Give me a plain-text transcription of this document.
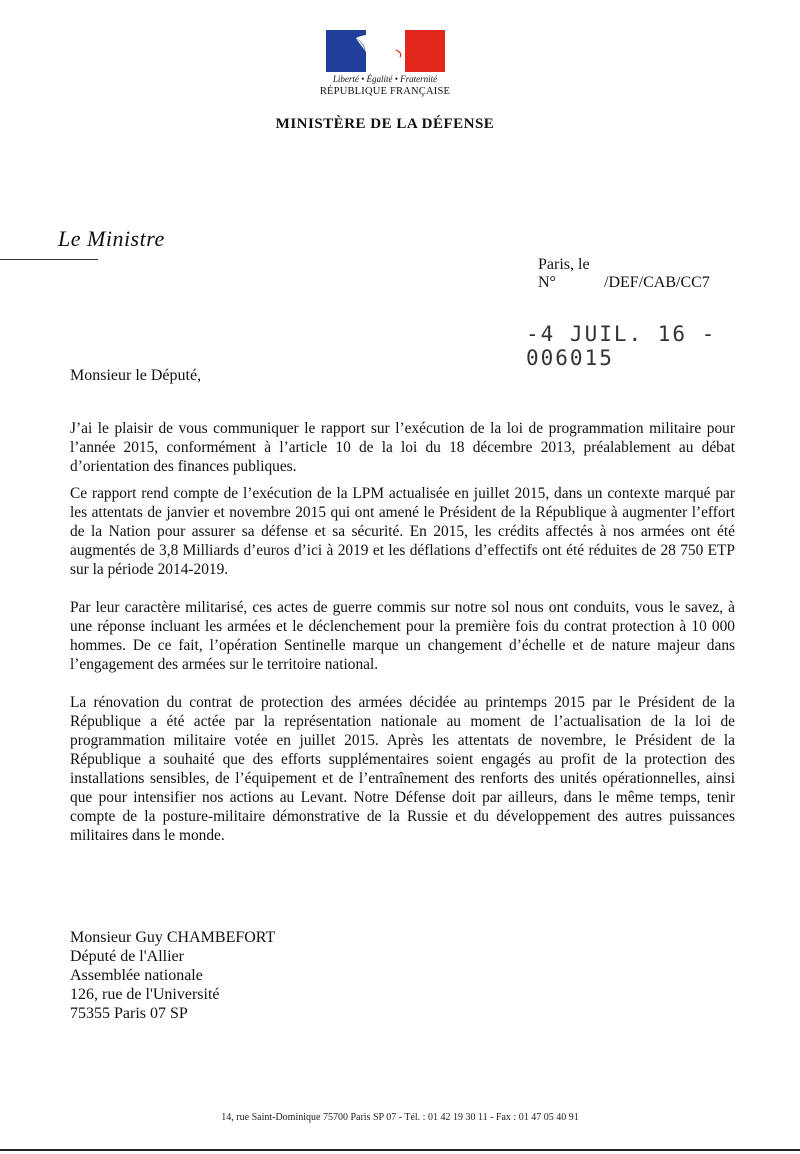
Liberté • Égalité • Fraternité
RÉPUBLIQUE FRANÇAISE
MINISTÈRE DE LA DÉFENSE
Le Ministre
Paris, le
N°	/DEF/CAB/CC7
-4 JUIL. 16 - 006015
Monsieur le Député,
J’ai le plaisir de vous communiquer le rapport sur l’exécution de la loi de programmation militaire pour l’année 2015, conformément à l’article 10 de la loi du 18 décembre 2013, préalablement au débat d’orientation des finances publiques.
Ce rapport rend compte de l’exécution de la LPM actualisée en juillet 2015, dans un contexte marqué par les attentats de janvier et novembre 2015 qui ont amené le Président de la République à augmenter l’effort de la Nation pour assurer sa défense et sa sécurité. En 2015, les crédits affectés à nos armées ont été augmentés de 3,8 Milliards d’euros d’ici à 2019 et les déflations d’effectifs ont été réduites de 28 750 ETP sur la période 2014-2019.
Par leur caractère militarisé, ces actes de guerre commis sur notre sol nous ont conduits, vous le savez, à une réponse incluant les armées et le déclenchement pour la première fois du contrat protection à 10 000 hommes. De ce fait, l’opération Sentinelle marque un changement d’échelle et de nature majeur dans l’engagement des armées sur le territoire national.
La rénovation du contrat de protection des armées décidée au printemps 2015 par le Président de la République a été actée par la représentation nationale au moment de l’actualisation de la loi de programmation militaire votée en juillet 2015. Après les attentats de novembre, le Président de la République a souhaité que des efforts supplémentaires soient engagés au profit de la protection des installations sensibles, de l’équipement et de l’entraînement des renforts des unités opérationnelles, ainsi que pour intensifier nos actions au Levant. Notre Défense doit par ailleurs, dans le même temps, tenir compte de la posture-militaire démonstrative de la Russie et du développement des autres puissances militaires dans le monde.
Monsieur Guy CHAMBEFORT
Député de l'Allier
Assemblée nationale
126, rue de l'Université
75355 Paris 07 SP
14, rue Saint-Dominique 75700 Paris SP 07 - Tél. : 01 42 19 30 11 - Fax : 01 47 05 40 91
